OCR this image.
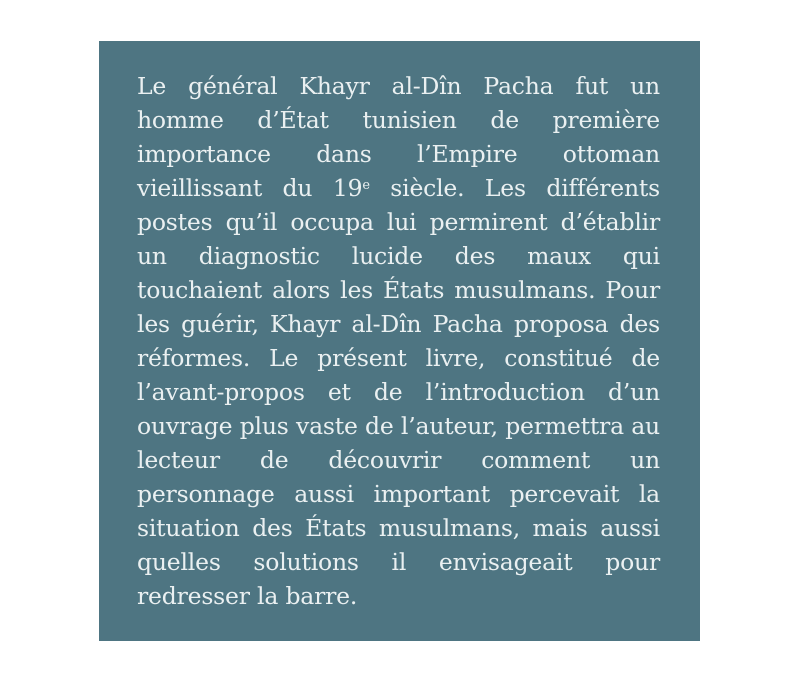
Le général Khayr al-Dîn Pacha fut un homme d’État tunisien de première importance dans l’Empire ottoman vieillissant du 19e siècle. Les différents postes qu’il occupa lui permirent d’établir un diagnostic lucide des maux qui touchaient alors les États musulmans. Pour les guérir, Khayr al-Dîn Pacha proposa des réformes. Le présent livre, constitué de l’avant-propos et de l’introduction d’un ouvrage plus vaste de l’auteur, permettra au lecteur de découvrir comment un personnage aussi important percevait la situation des États musulmans, mais aussi quelles solutions il envisageait pour redresser la barre.
